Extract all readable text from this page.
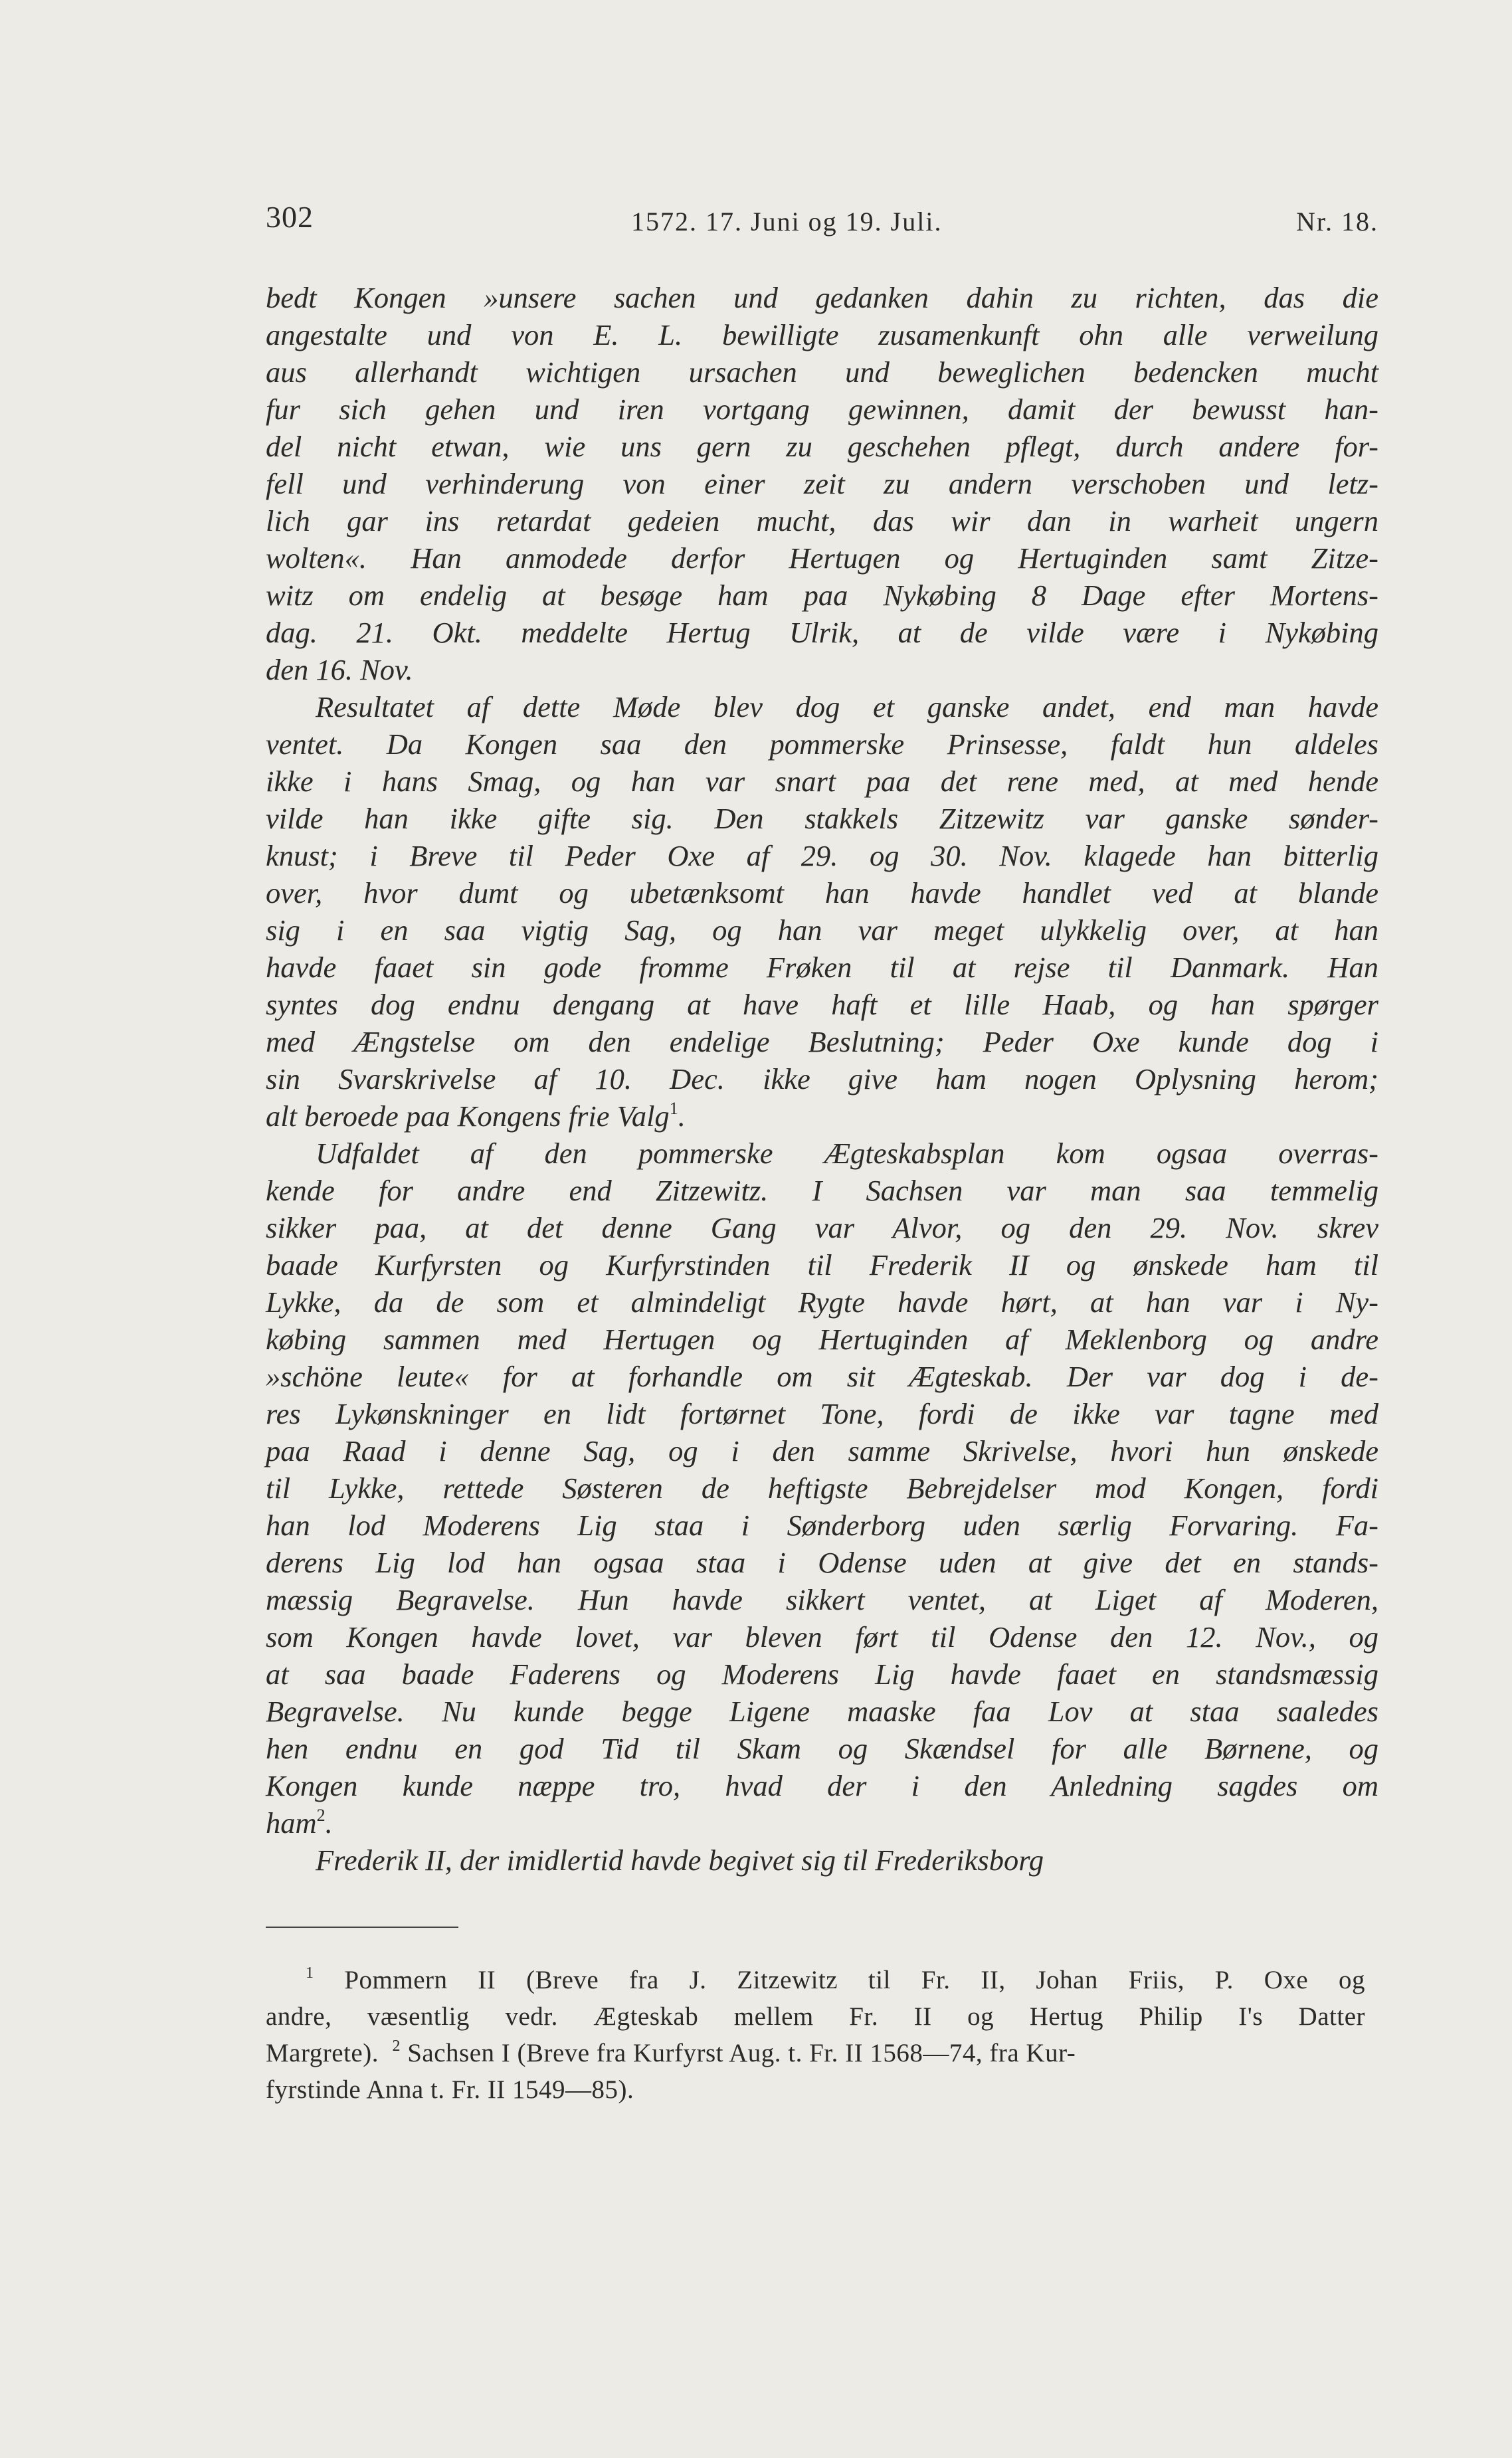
302	1572. 17. Juni og 19. Juli.	Nr. 18.
bedt Kongen »unsere sachen und gedanken dahin zu richten, das die
angestalte und von E. L. bewilligte zusamenkunft ohn alle verweilung
aus allerhandt wichtigen ursachen und beweglichen bedencken mucht
fur sich gehen und iren vortgang gewinnen, damit der bewusst han-
del nicht etwan, wie uns gern zu geschehen pflegt, durch andere for-
fell und verhinderung von einer zeit zu andern verschoben und letz-
lich gar ins retardat gedeien mucht, das wir dan in warheit ungern
wolten«. Han anmodede derfor Hertugen og Hertuginden samt Zitze-
witz om endelig at besøge ham paa Nykøbing 8 Dage efter Mortens-
dag. 21. Okt. meddelte Hertug Ulrik, at de vilde være i Nykøbing
den 16. Nov.
Resultatet af dette Møde blev dog et ganske andet, end man havde
ventet. Da Kongen saa den pommerske Prinsesse, faldt hun aldeles
ikke i hans Smag, og han var snart paa det rene med, at med hende
vilde han ikke gifte sig. Den stakkels Zitzewitz var ganske sønder-
knust; i Breve til Peder Oxe af 29. og 30. Nov. klagede han bitterlig
over, hvor dumt og ubetænksomt han havde handlet ved at blande
sig i en saa vigtig Sag, og han var meget ulykkelig over, at han
havde faaet sin gode fromme Frøken til at rejse til Danmark. Han
syntes dog endnu dengang at have haft et lille Haab, og han spørger
med Ængstelse om den endelige Beslutning; Peder Oxe kunde dog i
sin Svarskrivelse af 10. Dec. ikke give ham nogen Oplysning herom;
alt beroede paa Kongens frie Valg$^1$.
Udfaldet af den pommerske Ægteskabsplan kom ogsaa overras-
kende for andre end Zitzewitz. I Sachsen var man saa temmelig
sikker paa, at det denne Gang var Alvor, og den 29. Nov. skrev
baade Kurfyrsten og Kurfyrstinden til Frederik II og ønskede ham til
Lykke, da de som et almindeligt Rygte havde hørt, at han var i Ny-
købing sammen med Hertugen og Hertuginden af Meklenborg og andre
»schöne leute« for at forhandle om sit Ægteskab. Der var dog i de-
res Lykønskninger en lidt fortørnet Tone, fordi de ikke var tagne med
paa Raad i denne Sag, og i den samme Skrivelse, hvori hun ønskede
til Lykke, rettede Søsteren de heftigste Bebrejdelser mod Kongen, fordi
han lod Moderens Lig staa i Sønderborg uden særlig Forvaring. Fa-
derens Lig lod han ogsaa staa i Odense uden at give det en stands-
mæssig Begravelse. Hun havde sikkert ventet, at Liget af Moderen,
som Kongen havde lovet, var bleven ført til Odense den 12. Nov., og
at saa baade Faderens og Moderens Lig havde faaet en standsmæssig
Begravelse. Nu kunde begge Ligene maaske faa Lov at staa saaledes
hen endnu en god Tid til Skam og Skændsel for alle Børnene, og
Kongen kunde næppe tro, hvad der i den Anledning sagdes om
ham$^2$.
Frederik II, der imidlertid havde begivet sig til Frederiksborg
$^1$ Pommern II (Breve fra J. Zitzewitz til Fr. II, Johan Friis, P. Oxe og
andre, væsentlig vedr. Ægteskab mellem Fr. II og Hertug Philip I's Datter
Margrete). $^2$ Sachsen I (Breve fra Kurfyrst Aug. t. Fr. II 1568—74, fra Kur-
fyrstinde Anna t. Fr. II 1549—85).
